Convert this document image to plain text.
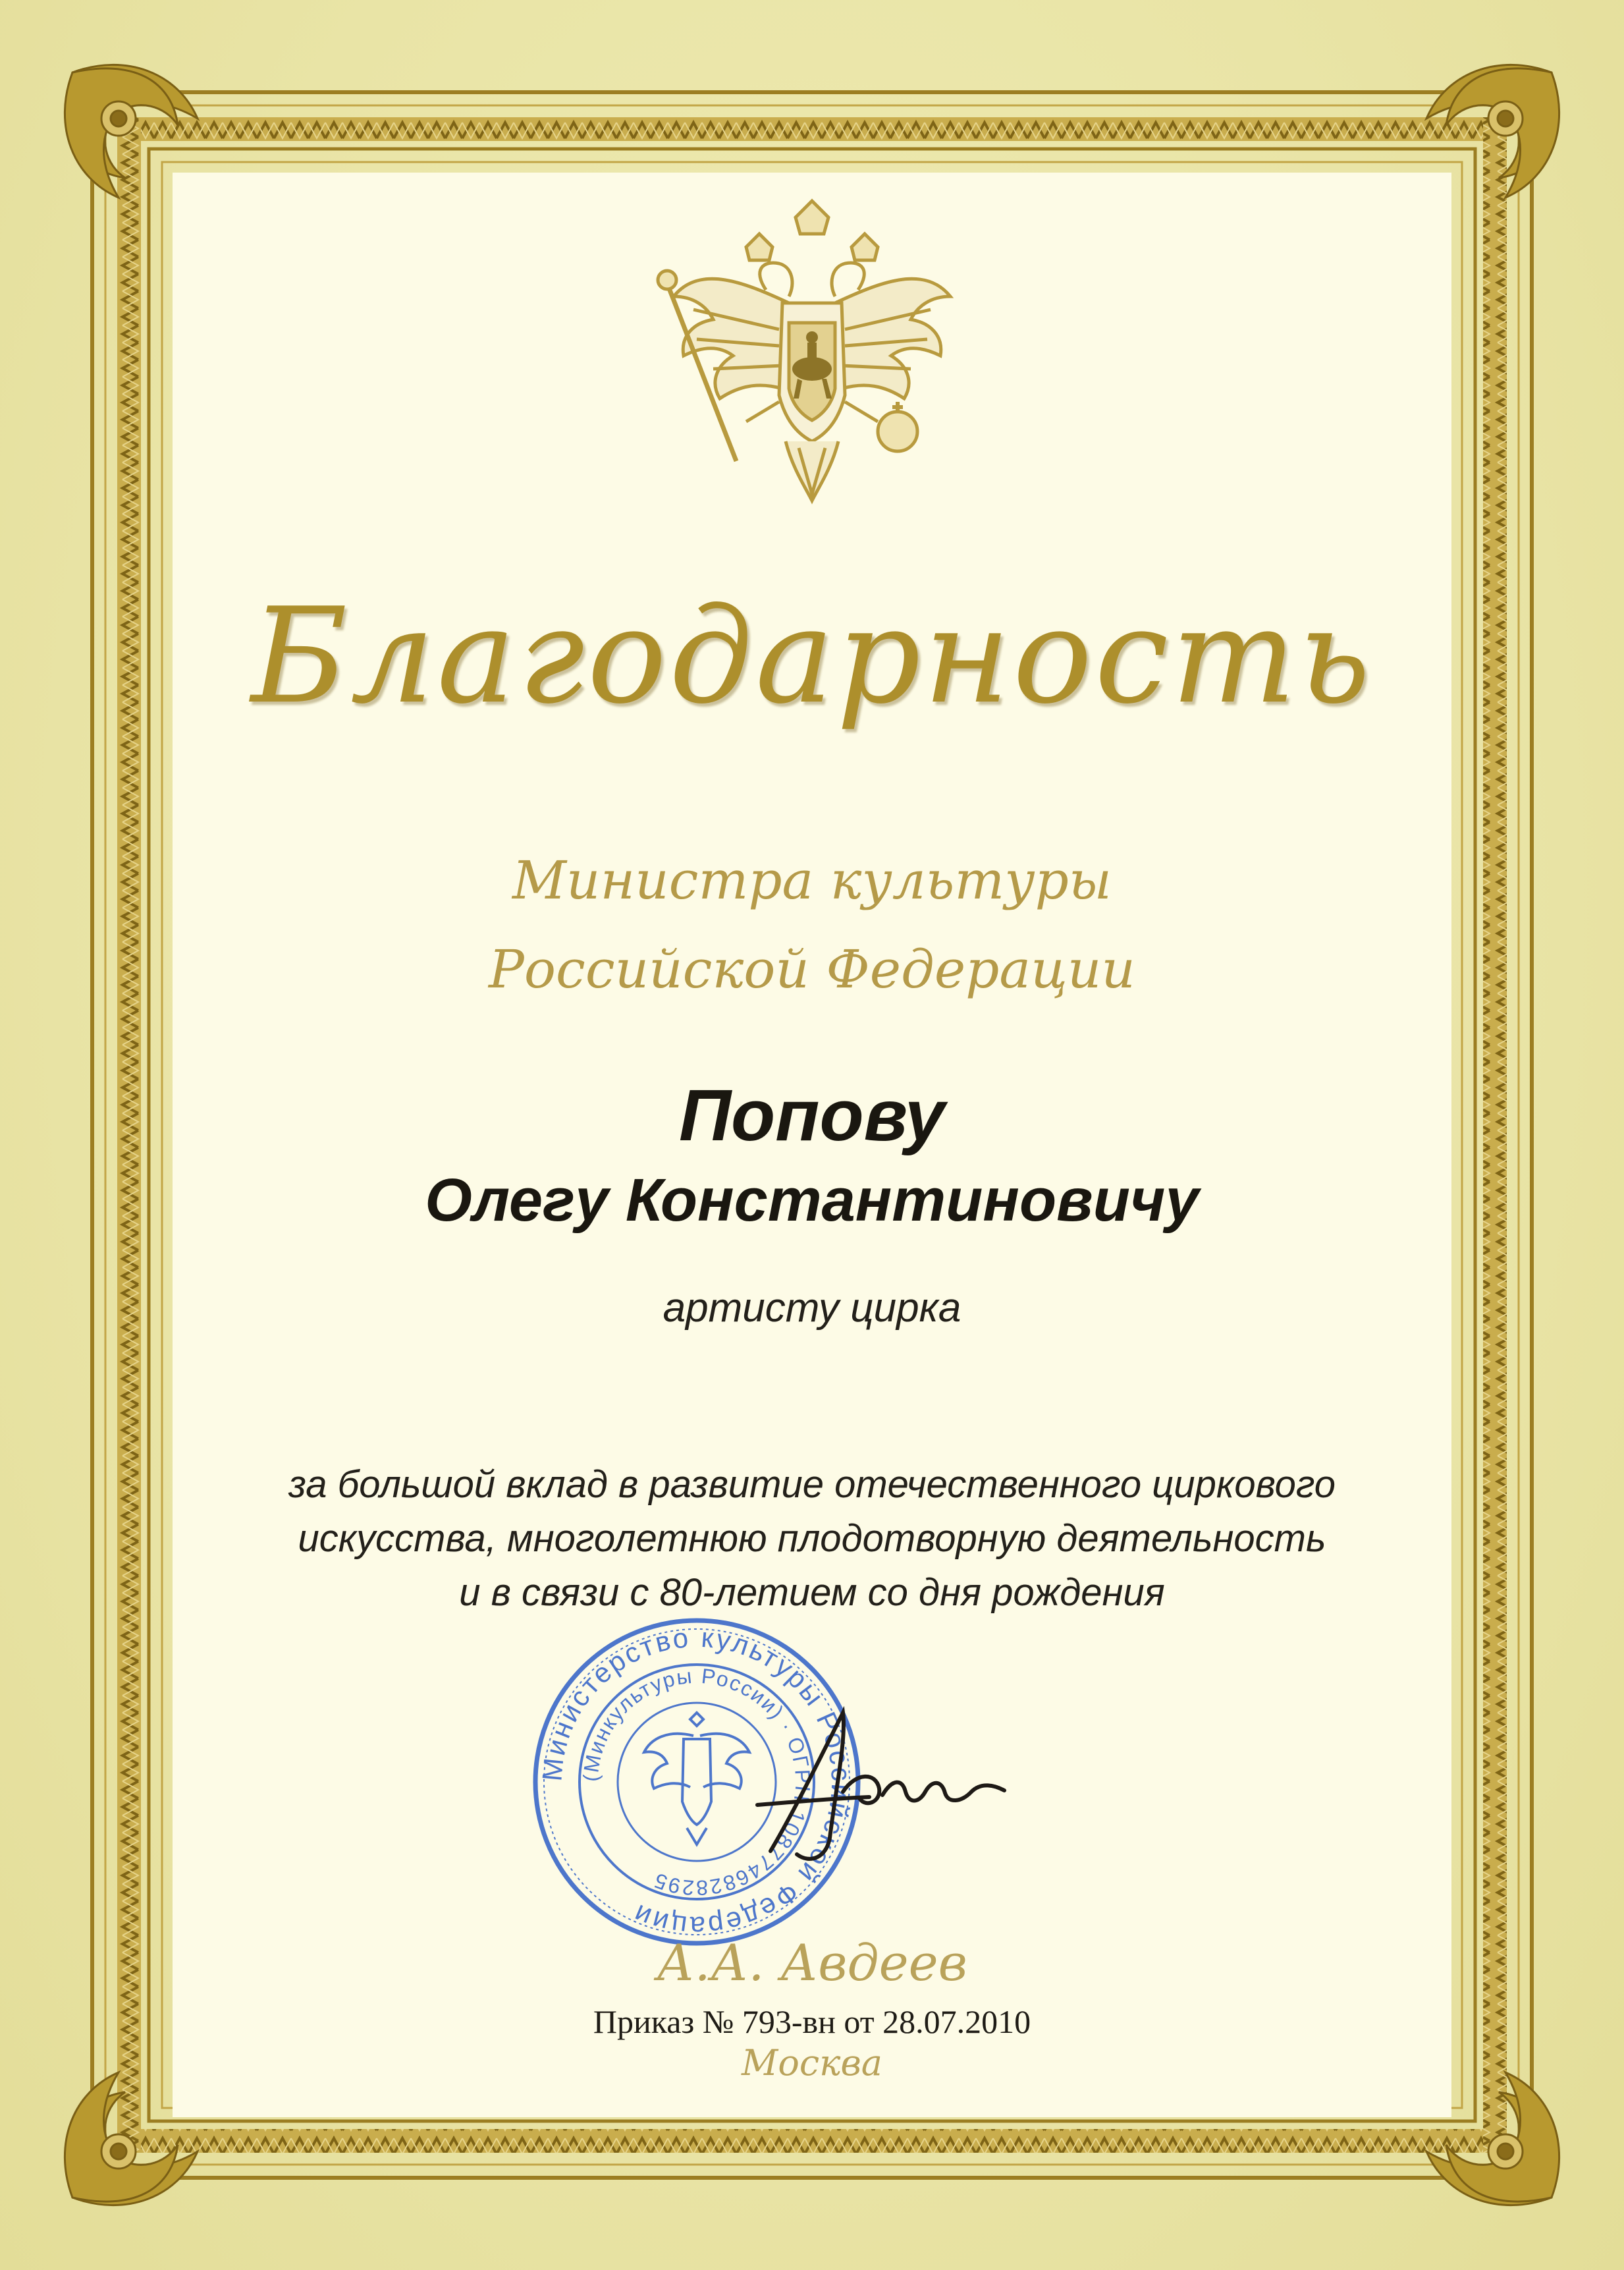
Благодарность
Министра культуры
Российской Федерации
Попову
Олегу Константиновичу
артисту цирка
за большой вклад в развитие отечественного циркового
искусства, многолетнюю плодотворную деятельность
и в связи с 80-летием со дня рождения
Министерство культуры Российской Федерации
(Минкультуры России) · ОГРН 1087746828295
А.А. Авдеев
Приказ № 793-вн от 28.07.2010
Москва
